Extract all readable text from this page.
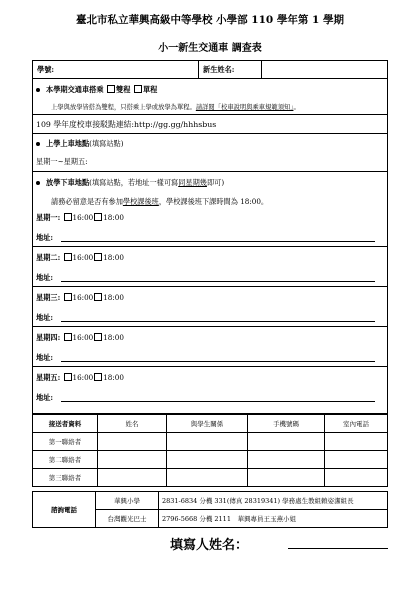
臺北市私立華興高級中等學校 小學部 110 學年第 1 學期
小一新生交通車 調查表
學號:	新生姓名:
本學期交通車搭乘 雙程 單程
上學與放學皆搭為雙程，只搭乘上學或放學為單程。請詳閱「校車說明與乘車規範須知」。
109 學年度校車接駁點連結:http://gg.gg/hhhsbus
上學上車地點(填寫站點)
星期一~星期五:
放學下車地點(填寫站點，若地址一樣可寫同星期幾即可)
請務必留意是否有參加學校課後班，學校課後班下課時間為 18:00。
星期一: 16:00 18:00
地址:
星期二: 16:00 18:00
地址:
星期三: 16:00 18:00
地址:
星期四: 16:00 18:00
地址:
星期五: 16:00 18:00
地址:
接送者資料	姓名	與學生關係	手機號碼	室內電話
第一聯絡者				
第二聯絡者				
第三聯絡者				
諮詢電話	華興小學	2831-6834 分機 331(傳真 28319341) 學務處生教組賴姿潔組長
	台灣觀光巴士	2796-5668 分機 2111　華興專員王玉燕小姐
填寫人姓名：
